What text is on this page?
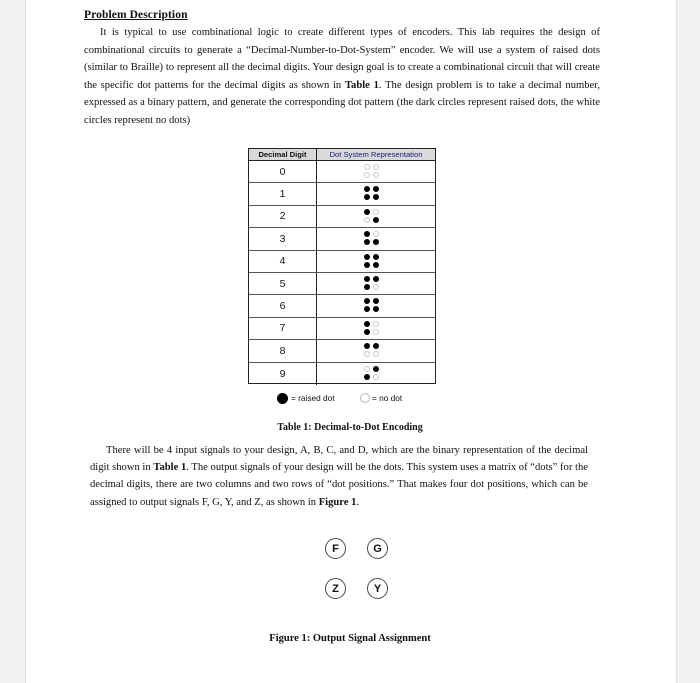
Problem Description
It is typical to use combinational logic to create different types of encoders. This lab requires the design of combinational circuits to generate a “Decimal-Number-to-Dot-System” encoder. We will use a system of raised dots (similar to Braille) to represent all the decimal digits. Your design goal is to create a combinational circuit that will create the specific dot patterns for the decimal digits as shown in Table 1. The design problem is to take a decimal number, expressed as a binary pattern, and generate the corresponding dot pattern (the dark circles represent raised dots, the white circles represent no dots)
Decimal Digit	Dot System Representation
0
1
2
3
4
5
6
7
8
9
= raised dot	= no dot
Table 1: Decimal-to-Dot Encoding
There will be 4 input signals to your design, A, B, C, and D, which are the binary representation of the decimal digit shown in Table 1. The output signals of your design will be the dots. This system uses a matrix of “dots” for the decimal digits, there are two columns and two rows of “dot positions.” That makes four dot positions, which can be assigned to output signals F, G, Y, and Z, as shown in Figure 1.
F	G
Z	Y
Figure 1: Output Signal Assignment
